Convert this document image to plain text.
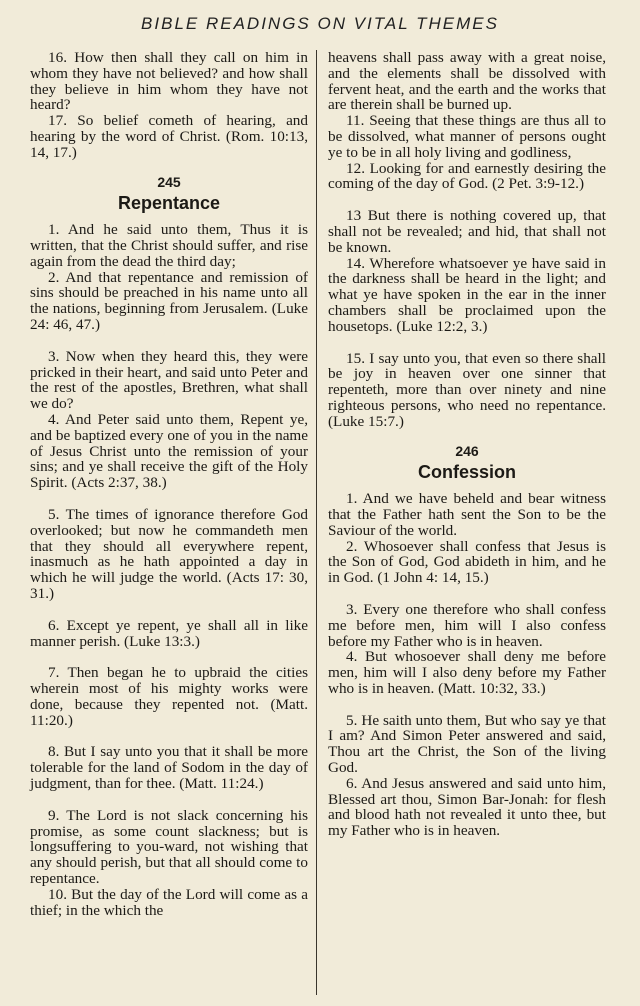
BIBLE READINGS ON VITAL THEMES

16. How then shall they call on him in whom they have not believed? and how shall they believe in him whom they have not heard?

17. So belief cometh of hearing, and hearing by the word of Christ. (Rom. 10:13, 14, 17.)

245
Repentance

1. And he said unto them, Thus it is written, that the Christ should suffer, and rise again from the dead the third day;

2. And that repentance and remission of sins should be preached in his name unto all the nations, beginning from Jerusalem. (Luke 24: 46, 47.)

3. Now when they heard this, they were pricked in their heart, and said unto Peter and the rest of the apostles, Brethren, what shall we do?

4. And Peter said unto them, Repent ye, and be baptized every one of you in the name of Jesus Christ unto the remission of your sins; and ye shall receive the gift of the Holy Spirit. (Acts 2:37, 38.)

5. The times of ignorance therefore God overlooked; but now he commandeth men that they should all everywhere repent, inasmuch as he hath appointed a day in which he will judge the world. (Acts 17: 30, 31.)

6. Except ye repent, ye shall all in like manner perish. (Luke 13:3.)

7. Then began he to upbraid the cities wherein most of his mighty works were done, because they repented not. (Matt. 11:20.)

8. But I say unto you that it shall be more tolerable for the land of Sodom in the day of judgment, than for thee. (Matt. 11:24.)

9. The Lord is not slack concerning his promise, as some count slackness; but is longsuffering to you-ward, not wishing that any should perish, but that all should come to repentance.

10. But the day of the Lord will come as a thief; in the which the

heavens shall pass away with a great noise, and the elements shall be dissolved with fervent heat, and the earth and the works that are therein shall be burned up.

11. Seeing that these things are thus all to be dissolved, what manner of persons ought ye to be in all holy living and godliness,

12. Looking for and earnestly desiring the coming of the day of God. (2 Pet. 3:9-12.)

13 But there is nothing covered up, that shall not be revealed; and hid, that shall not be known.

14. Wherefore whatsoever ye have said in the darkness shall be heard in the light; and what ye have spoken in the ear in the inner chambers shall be proclaimed upon the housetops. (Luke 12:2, 3.)

15. I say unto you, that even so there shall be joy in heaven over one sinner that repenteth, more than over ninety and nine righteous persons, who need no repentance. (Luke 15:7.)

246
Confession

1. And we have beheld and bear witness that the Father hath sent the Son to be the Saviour of the world.

2. Whosoever shall confess that Jesus is the Son of God, God abideth in him, and he in God. (1 John 4: 14, 15.)

3. Every one therefore who shall confess me before men, him will I also confess before my Father who is in heaven.

4. But whosoever shall deny me before men, him will I also deny before my Father who is in heaven. (Matt. 10:32, 33.)

5. He saith unto them, But who say ye that I am? And Simon Peter answered and said, Thou art the Christ, the Son of the living God.

6. And Jesus answered and said unto him, Blessed art thou, Simon Bar-Jonah: for flesh and blood hath not revealed it unto thee, but my Father who is in heaven.
